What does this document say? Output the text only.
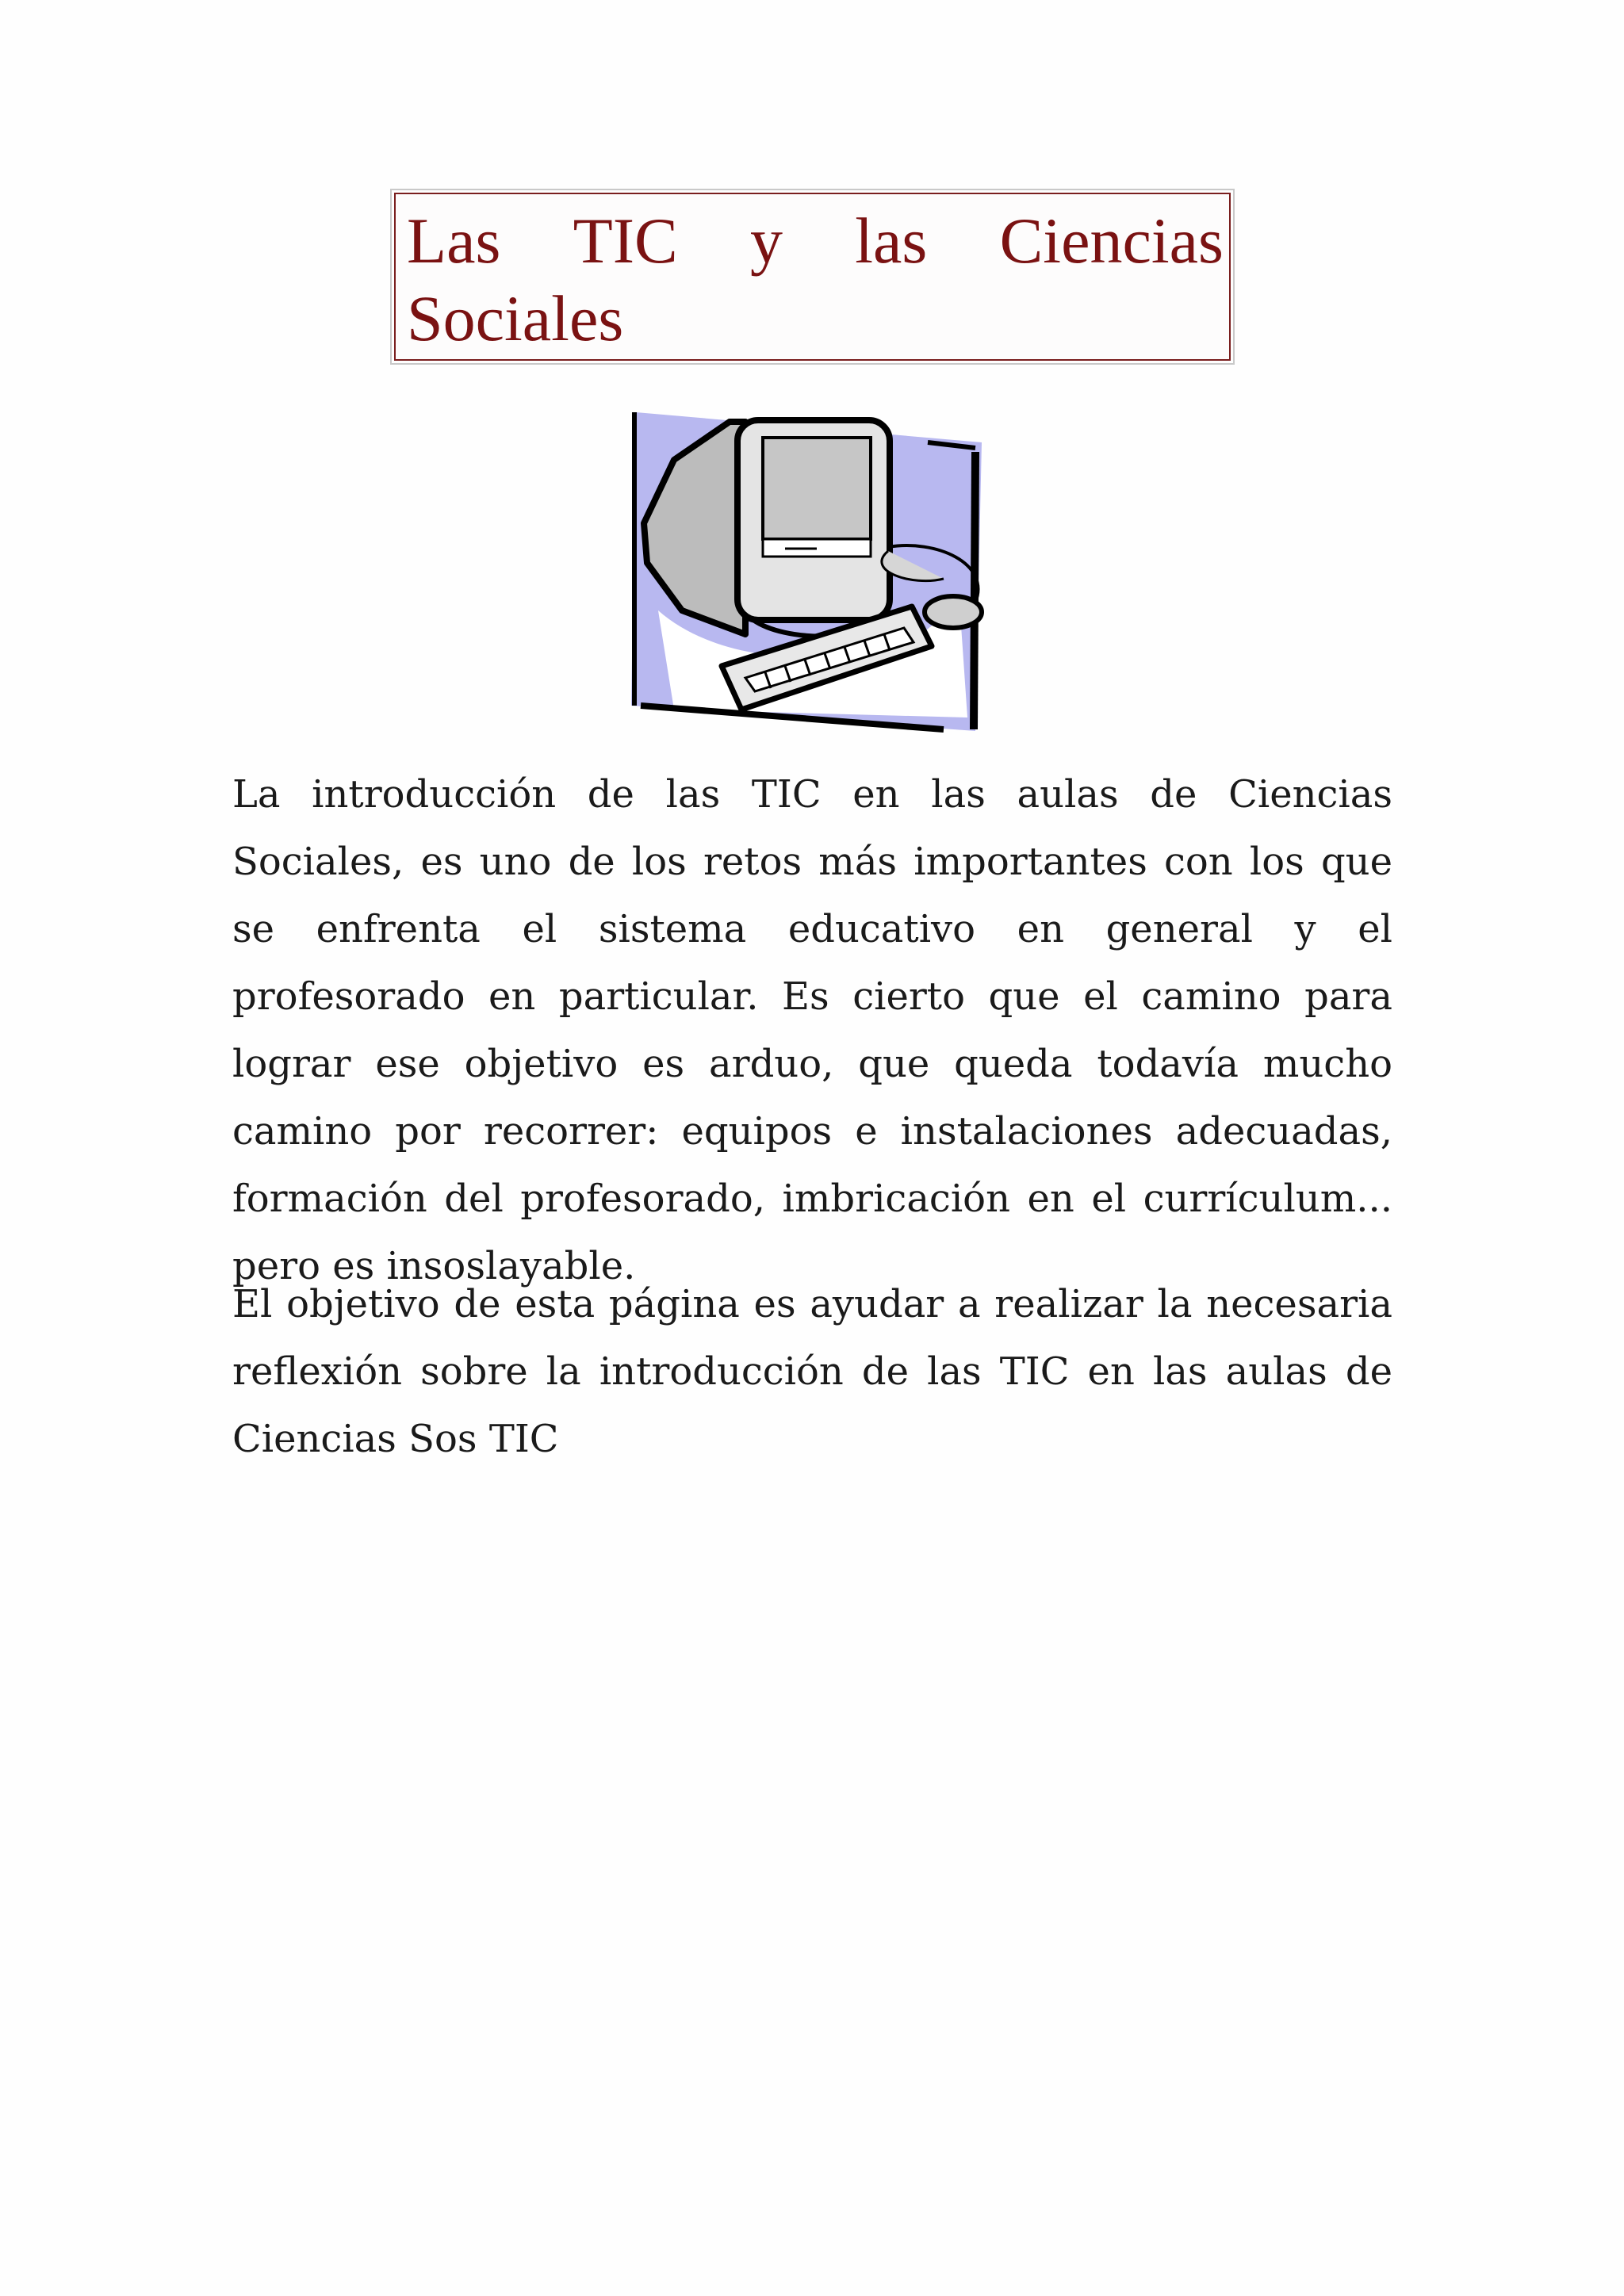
Las TIC y las Ciencias

Sociales

La introducción de las TIC en las aulas de Ciencias Sociales, es uno de los retos más importantes con los que se enfrenta el sistema educativo en general y el profesorado en particular. Es cierto que el camino para lograr ese objetivo es arduo, que queda todavía mucho camino por recorrer: equipos e instalaciones adecuadas, formación del profesorado, imbricación en el currículum... pero es insoslayable.

El objetivo de esta página es ayudar a realizar la necesaria reflexión sobre la introducción de las TIC en las aulas de Ciencias Sos TIC
